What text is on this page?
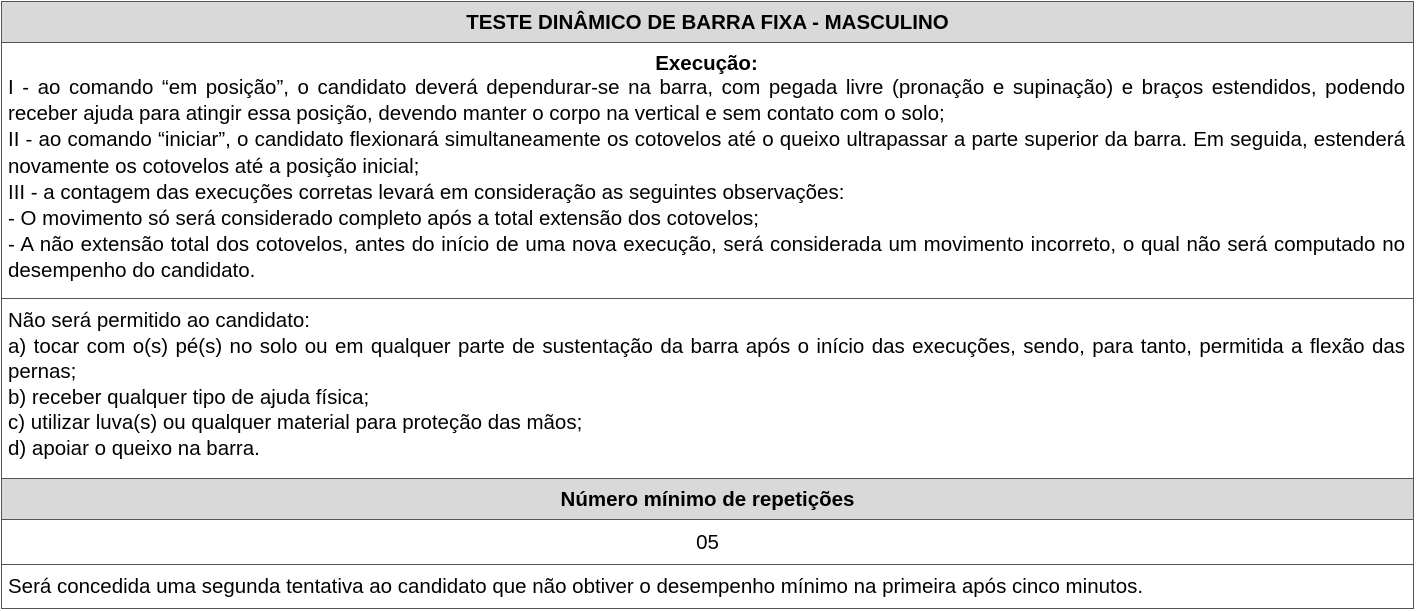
TESTE DINÂMICO DE BARRA FIXA - MASCULINO
Execução:
I - ao comando “em posição”, o candidato deverá dependurar-se na barra, com pegada livre (pronação e supinação) e braços estendidos, podendo receber ajuda para atingir essa posição, devendo manter o corpo na vertical e sem contato com o solo;
II - ao comando “iniciar”, o candidato flexionará simultaneamente os cotovelos até o queixo ultrapassar a parte superior da barra. Em seguida, estenderá novamente os cotovelos até a posição inicial;
III - a contagem das execuções corretas levará em consideração as seguintes observações:
- O movimento só será considerado completo após a total extensão dos cotovelos;
- A não extensão total dos cotovelos, antes do início de uma nova execução, será considerada um movimento incorreto, o qual não será computado no desempenho do candidato.
Não será permitido ao candidato:
a) tocar com o(s) pé(s) no solo ou em qualquer parte de sustentação da barra após o início das execuções, sendo, para tanto, permitida a flexão das pernas;
b) receber qualquer tipo de ajuda física;
c) utilizar luva(s) ou qualquer material para proteção das mãos;
d) apoiar o queixo na barra.
Número mínimo de repetições
05
Será concedida uma segunda tentativa ao candidato que não obtiver o desempenho mínimo na primeira após cinco minutos.
